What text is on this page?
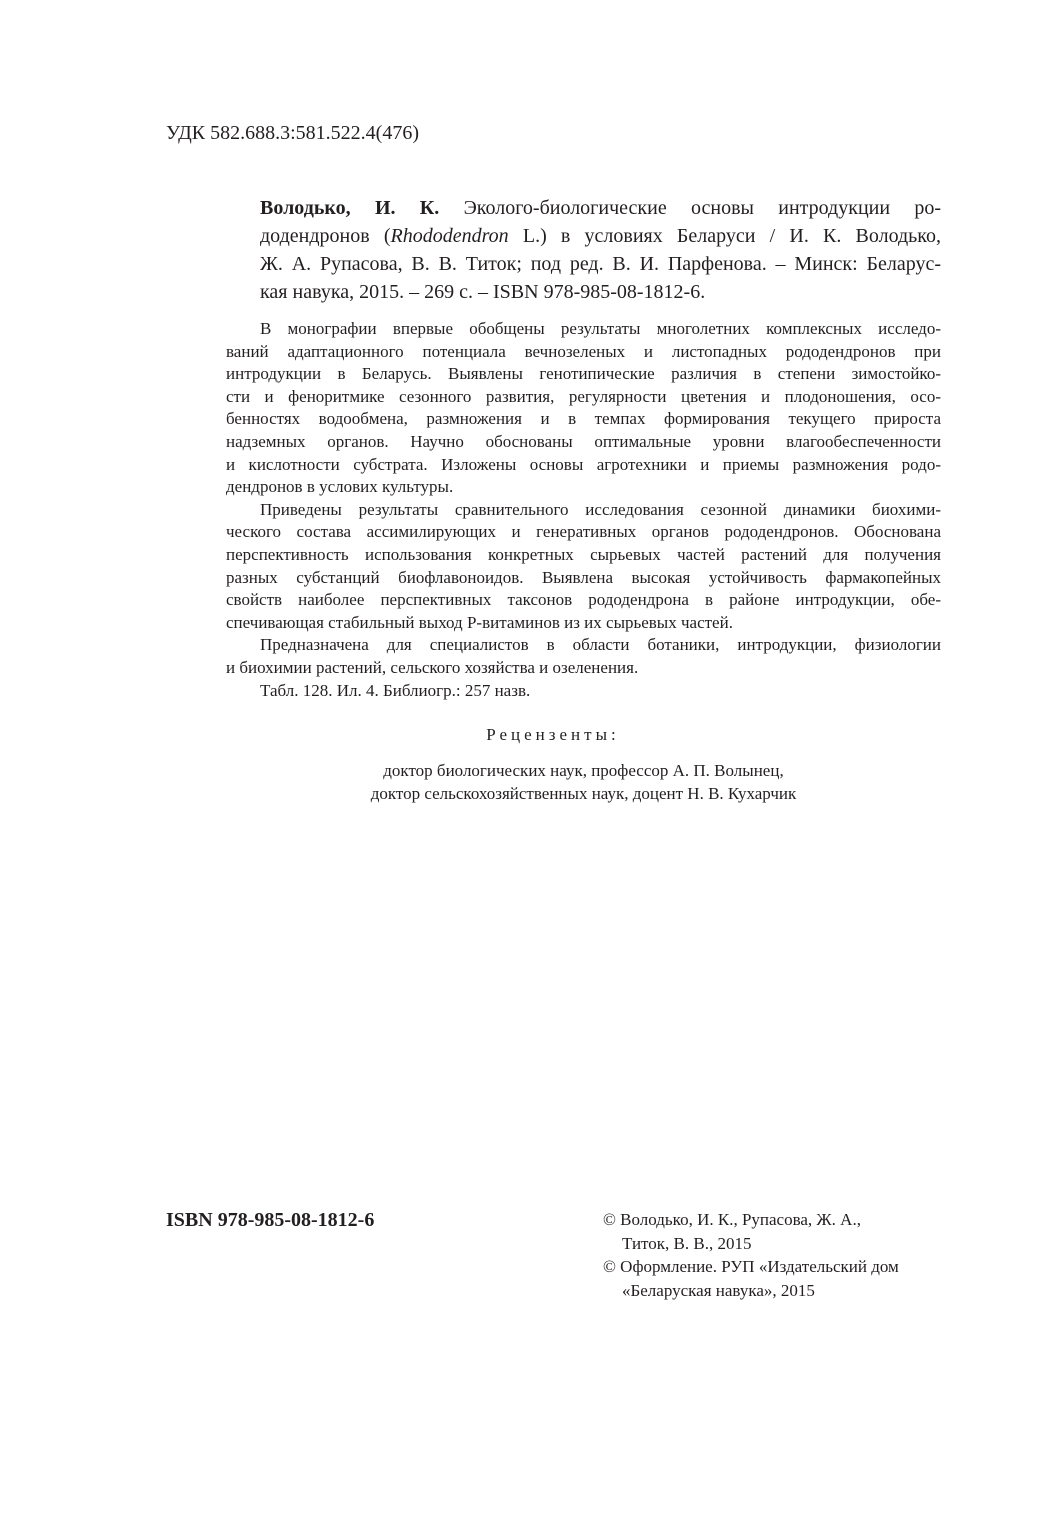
УДК 582.688.3:581.522.4(476)
Володько, И. К. Эколого-биологические основы интродукции ро-
додендронов (Rhododendron L.) в условиях Беларуси / И. К. Володько,
Ж. А. Рупасова, В. В. Титок; под ред. В. И. Парфенова. – Минск: Беларус-
кая навука, 2015. – 269 с. – ISBN 978-985-08-1812-6.
В монографии впервые обобщены результаты многолетних комплексных исследо-
ваний адаптационного потенциала вечнозеленых и листопадных рододендронов при
интродукции в Беларусь. Выявлены генотипические различия в степени зимостойко-
сти и феноритмике сезонного развития, регулярности цветения и плодоношения, осо-
бенностях водообмена, размножения и в темпах формирования текущего прироста
надземных органов. Научно обоснованы оптимальные уровни влагообеспеченности
и кислотности субстрата. Изложены основы агротехники и приемы размножения родо-
дендронов в услових культуры.
Приведены результаты сравнительного исследования сезонной динамики биохими-
ческого состава ассимилирующих и генеративных органов рододендронов. Обоснована
перспективность использования конкретных сырьевых частей растений для получения
разных субстанций биофлавоноидов. Выявлена высокая устойчивость фармакопейных
свойств наиболее перспективных таксонов рододендрона в районе интродукции, обе-
спечивающая стабильный выход Р-витаминов из их сырьевых частей.
Предназначена для специалистов в области ботаники, интродукции, физиологии
и биохимии растений, сельского хозяйства и озеленения.
Табл. 128. Ил. 4. Библиогр.: 257 назв.
Рецензенты:
доктор биологических наук, профессор А. П. Волынец,
доктор сельскохозяйственных наук, доцент Н. В. Кухарчик
ISBN 978-985-08-1812-6	© Володько, И. К., Рупасова, Ж. А.,
Титок, В. В., 2015
© Оформление. РУП «Издательский дом
«Беларуская навука», 2015
